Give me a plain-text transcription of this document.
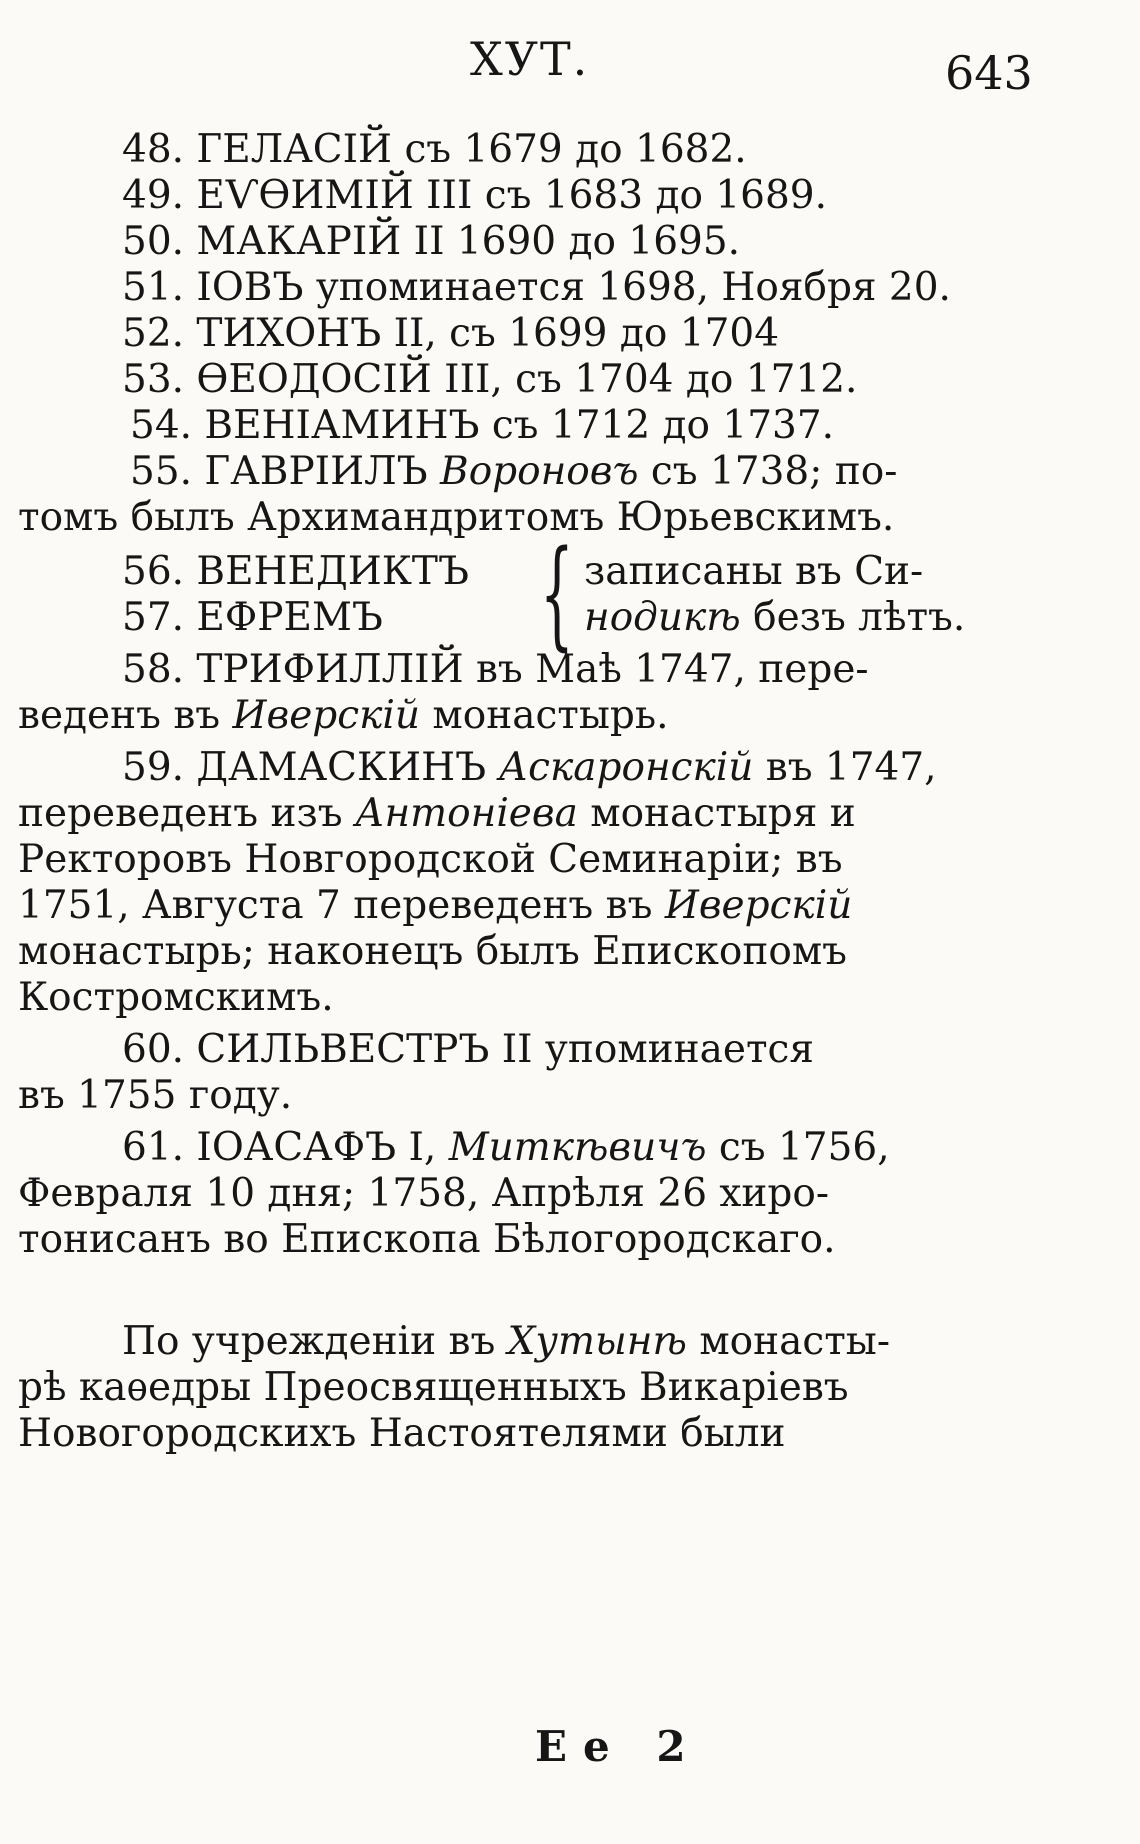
ХУТ.	643
48. ГЕЛАСІЙ съ 1679 до 1682.
49. ЕѴѲИМІЙ III съ 1683 до 1689.
50. МАКАРІЙ II 1690 до 1695.
51. ІОВЪ упоминается 1698, Ноября 20.
52. ТИХОНЪ II, съ 1699 до 1704
53. ѲЕОДОСІЙ III, съ 1704 до 1712.
54. ВЕНІАМИНЪ съ 1712 до 1737.
55. ГАВРІИЛЪ Вороновъ съ 1738; по-
томъ былъ Архимандритомъ Юрьевскимъ.
56. ВЕНЕДИКТЪ
57. ЕФРЕМЪ { записаны въ Си-
нодикѣ безъ лѣтъ.
58. ТРИФИЛЛІЙ въ Маѣ 1747, пере-
веденъ въ Иверскій монастырь.
59. ДАМАСКИНЪ Аскаронскій въ 1747,
переведенъ изъ Антоніева монастыря и
Ректоровъ Новгородской Семинаріи; въ
1751, Августа 7 переведенъ въ Иверскій
монастырь; наконецъ былъ Епископомъ
Костромскимъ.
60. СИЛЬВЕСТРЪ II упоминается
въ 1755 году.
61. ІОАСАФЪ I, Миткѣвичъ съ 1756,
Февраля 10 дня; 1758, Апрѣля 26 хиро-
тонисанъ во Епископа Бѣлогородскаго.
По учрежденіи въ Хутынѣ монасты-
рѣ каѳедры Преосвященныхъ Викаріевъ
Новогородскихъ Настоятелями были
Ее 2
